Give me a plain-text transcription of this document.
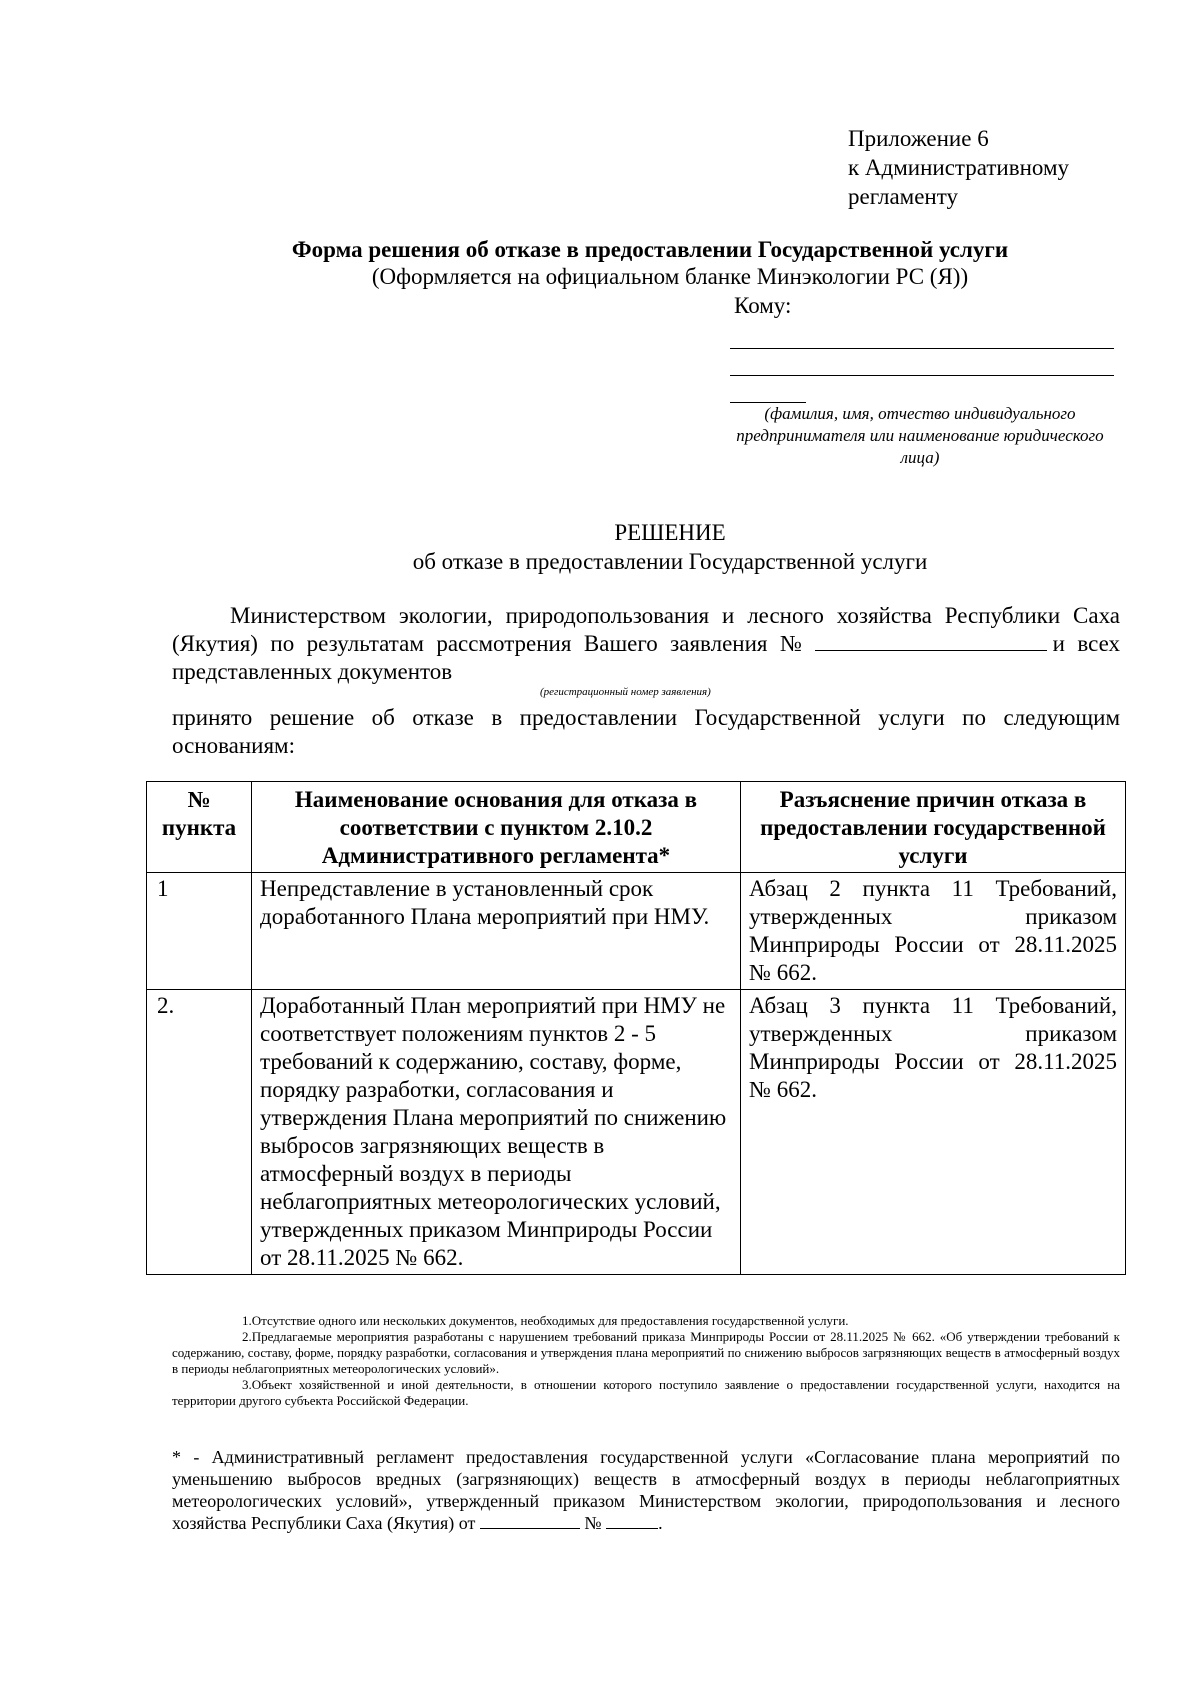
Приложение 6
к Административному
регламенту
Форма решения об отказе в предоставлении Государственной услуги
(Оформляется на официальном бланке Минэкологии РС (Я))
Кому:
(фамилия, имя, отчество индивидуального предпринимателя или наименование юридического лица)
РЕШЕНИЕ
об отказе в предоставлении Государственной услуги
Министерством экологии, природопользования и лесного хозяйства Республики Саха (Якутия) по результатам рассмотрения Вашего заявления №	и всех представленных документов
(регистрационный номер заявления)
принято решение об отказе в предоставлении Государственной услуги по следующим основаниям:
№ пункта	Наименование основания для отказа в соответствии с пунктом 2.10.2 Административного регламента*	Разъяснение причин отказа в предоставлении государственной услуги
1	Непредставление в установленный срок доработанного Плана мероприятий при НМУ.	Абзац 2 пункта 11 Требований, утвержденных приказом Минприроды России от 28.11.2025 № 662.
2.	Доработанный План мероприятий при НМУ не соответствует положениям пунктов 2 - 5 требований к содержанию, составу, форме, порядку разработки, согласования и утверждения Плана мероприятий по снижению выбросов загрязняющих веществ в атмосферный воздух в периоды неблагоприятных метеорологических условий, утвержденных приказом Минприроды России от 28.11.2025 № 662.	Абзац 3 пункта 11 Требований, утвержденных приказом Минприроды России от 28.11.2025 № 662.

1.Отсутствие одного или нескольких документов, необходимых для предоставления государственной услуги.

2.Предлагаемые мероприятия разработаны с нарушением требований приказа Минприроды России от 28.11.2025 № 662. «Об утверждении требований к содержанию, составу, форме, порядку разработки, согласования и утверждения плана мероприятий по снижению выбросов загрязняющих веществ в атмосферный воздух в периоды неблагоприятных метеорологических условий».

3.Объект хозяйственной и иной деятельности, в отношении которого поступило заявление о предоставлении государственной услуги, находится на территории другого субъекта Российской Федерации.

* - Административный регламент предоставления государственной услуги «Согласование плана мероприятий по уменьшению выбросов вредных (загрязняющих) веществ в атмосферный воздух в периоды неблагоприятных метеорологических условий», утвержденный приказом Министерством экологии, природопользования и лесного хозяйства Республики Саха (Якутия) от	№	.
